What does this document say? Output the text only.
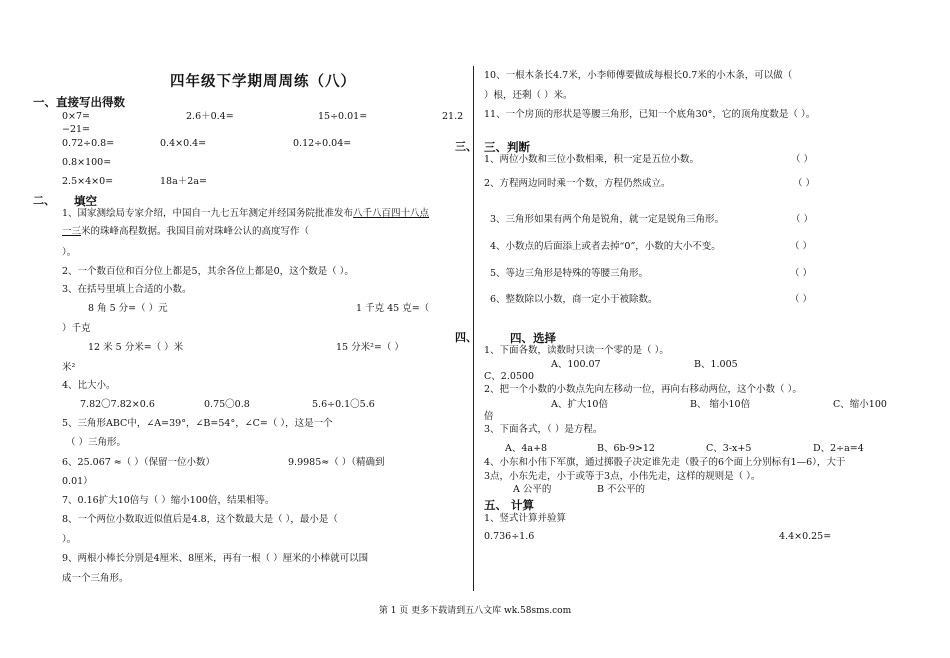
四年级下学期周周练（八）
一、直接写出得数
0×7=	2.6＋0.4=	15÷0.01=	21.2
−21=
0.72÷0.8=	0.4×0.4=	0.12÷0.04=
0.8×100=
2.5×4×0=	18a＋2a=
二、 填空
1、国家测绘局专家介绍，中国自一九七五年测定并经国务院批准发布八千八百四十八点
一三米的珠峰高程数据。我国目前对珠峰公认的高度写作（
）。
2、一个数百位和百分位上都是5，其余各位上都是0，这个数是（ ）。
3、在括号里填上合适的小数。
8 角 5 分=（ ）元	1 千克 45 克=（
）千克
12 米 5 分米=（ ）米	15 分米²=（ ）
米²
4、比大小。
7.82〇7.82×0.6	0.75〇0.8	5.6÷0.1〇5.6
5、三角形ABC中，∠A=39°，∠B=54°，∠C=（ ），这是一个
（ ）三角形。
6、25.067 ≈（ ）（保留一位小数）	9.9985≈（ ）（精确到
0.01）
7、0.16扩大10倍与（ ）缩小100倍，结果相等。
8、一个两位小数取近似值后是4.8，这个数最大是（ ），最小是（
）。
9、两根小棒长分别是4厘米、8厘米，再有一根（ ）厘米的小棒就可以围
成一个三角形。
10、一根木条长4.7米，小李师傅要做成每根长0.7米的小木条，可以做（
）根，还剩（ ）米。
11、一个房顶的形状是等腰三角形，已知一个底角30°，它的顶角度数是（ ）。
三、 三、判断
1、两位小数和三位小数相乘，积一定是五位小数。	（ ）
2、方程两边同时乘一个数，方程仍然成立。	（ ）
3、三角形如果有两个角是锐角，就一定是锐角三角形。	（ ）
4、小数点的后面添上或者去掉“0”，小数的大小不变。	（ ）
5、等边三角形是特殊的等腰三角形。	（ ）
6、整数除以小数，商一定小于被除数。	（ ）
四、	四、选择
1、下面各数，读数时只读一个零的是（ ）。
A、100.07	B、1.005
C、2.0500
2、把一个小数的小数点先向左移动一位，再向右移动两位，这个小数（ ）。
A、扩大10倍	B、 缩小10倍	C、缩小100
倍
3、下面各式，（ ）是方程。
A、4a+8	B、6b-9>12	C、3-x+5	D、2÷a=4
4、小东和小伟下军旗，通过掷骰子决定谁先走（骰子的6个面上分别标有1—6），大于
3点，小东先走，小于或等于3点，小伟先走，这样的规则是（ ）。
A 公平的	B 不公平的
五、 计算
1、竖式计算并验算
0.736÷1.6	4.4×0.25=
第 1 页 更多下载请到五八文库 wk.58sms.com
